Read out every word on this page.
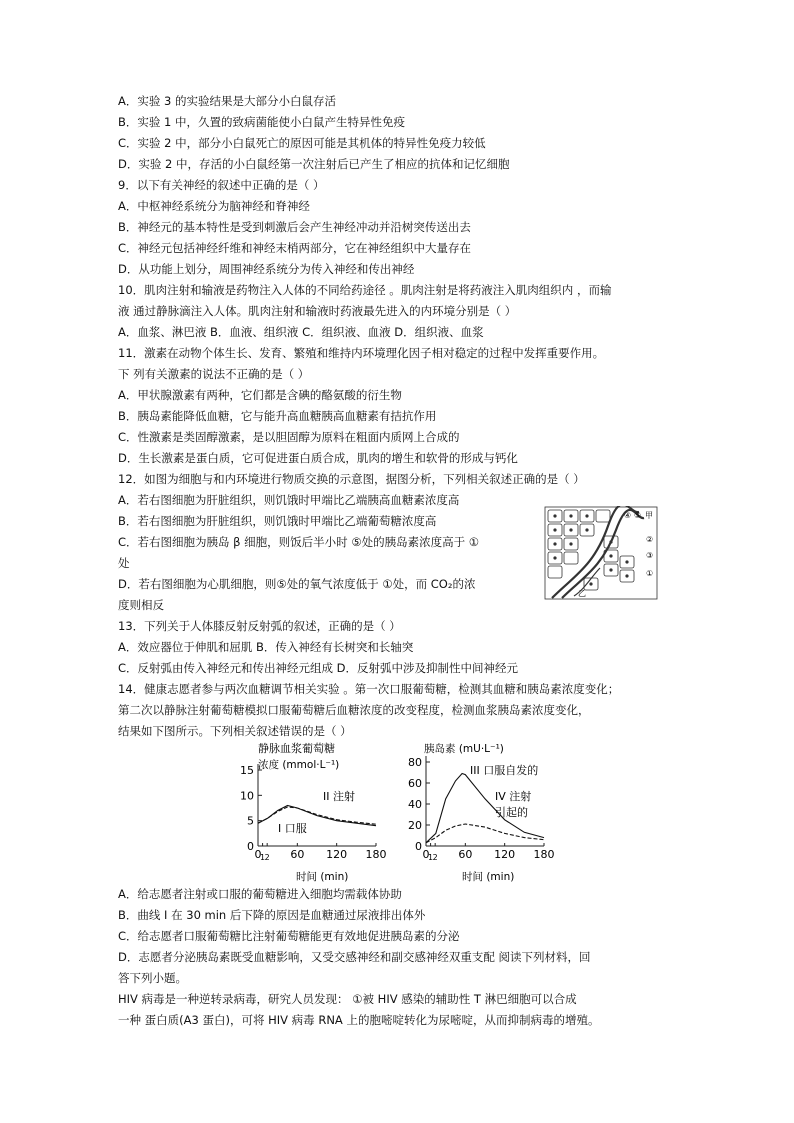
A．实验 3 的实验结果是大部分小白鼠存活
B．实验 1 中，久置的致病菌能使小白鼠产生特异性免疫
C．实验 2 中，部分小白鼠死亡的原因可能是其机体的特异性免疫力较低
D．实验 2 中，存活的小白鼠经第一次注射后已产生了相应的抗体和记忆细胞
9．以下有关神经的叙述中正确的是（ ）
A．中枢神经系统分为脑神经和脊神经
B．神经元的基本特性是受到刺激后会产生神经冲动并沿树突传送出去
C．神经元包括神经纤维和神经末梢两部分，它在神经组织中大量存在
D．从功能上划分，周围神经系统分为传入神经和传出神经
10．肌肉注射和输液是药物注入人体的不同给药途径 。肌肉注射是将药液注入肌肉组织内 ，而输
液 通过静脉滴注入人体。肌肉注射和输液时药液最先进入的内环境分别是（ ）
A．血浆、淋巴液 B．血液、组织液 C．组织液、血液 D．组织液、血浆
11．激素在动物个体生长、发育、繁殖和维持内环境理化因子相对稳定的过程中发挥重要作用。
下 列有关激素的说法不正确的是（ ）
A．甲状腺激素有两种，它们都是含碘的酪氨酸的衍生物
B．胰岛素能降低血糖，它与能升高血糖胰高血糖素有拮抗作用
C．性激素是类固醇激素，是以胆固醇为原料在粗面内质网上合成的
D．生长激素是蛋白质，它可促进蛋白质合成，肌肉的增生和软骨的形成与钙化
12．如图为细胞与和内环境进行物质交换的示意图，据图分析，下列相关叙述正确的是（ ）
A．若右图细胞为肝脏组织，则饥饿时甲端比乙端胰高血糖素浓度高
B．若右图细胞为肝脏组织，则饥饿时甲端比乙端葡萄糖浓度高
C．若右图细胞为胰岛 β 细胞，则饭后半小时 ⑤处的胰岛素浓度高于 ①
处
D．若右图细胞为心肌细胞，则⑤处的氧气浓度低于 ①处，而 CO₂的浓
度则相反
13．下列关于人体膝反射反射弧的叙述，正确的是（ ）
A．效应器位于伸肌和屈肌 B．传入神经有长树突和长轴突
C．反射弧由传入神经元和传出神经元组成 D．反射弧中涉及抑制性中间神经元
14．健康志愿者参与两次血糖调节相关实验 。第一次口服葡萄糖，检测其血糖和胰岛素浓度变化；
第二次以静脉注射葡萄糖模拟口服葡萄糖后血糖浓度的改变程度，检测血浆胰岛素浓度变化，
结果如下图所示。下列相关叙述错误的是（ ）
A．给志愿者注射或口服的葡萄糖进入细胞均需载体协助
B．曲线 I 在 30 min 后下降的原因是血糖通过尿液排出体外
C．给志愿者口服葡萄糖比注射葡萄糖能更有效地促进胰岛素的分泌
D．志愿者分泌胰岛素既受血糖影响，又受交感神经和副交感神经双重支配 阅读下列材料，回
答下列小题。
HIV 病毒是一种逆转录病毒，研究人员发现： ①被 HIV 感染的辅助性 T 淋巴细胞可以合成
一种 蛋白质(A3 蛋白)，可将 HIV 病毒 RNA 上的胞嘧啶转化为尿嘧啶，从而抑制病毒的增殖。
甲
乙
①
②
③
④ ⑤
静脉血浆葡萄糖
浓度 (mmol·L⁻¹)
时间 (min)
0
5
10
15
0
1 2 60 120 180
I 口服
II 注射
胰岛素 (mU·L⁻¹)
时间 (min)
0
20
40
60
80
0
1 2 60 120 180
III 口服自发的
IV 注射
引起的
